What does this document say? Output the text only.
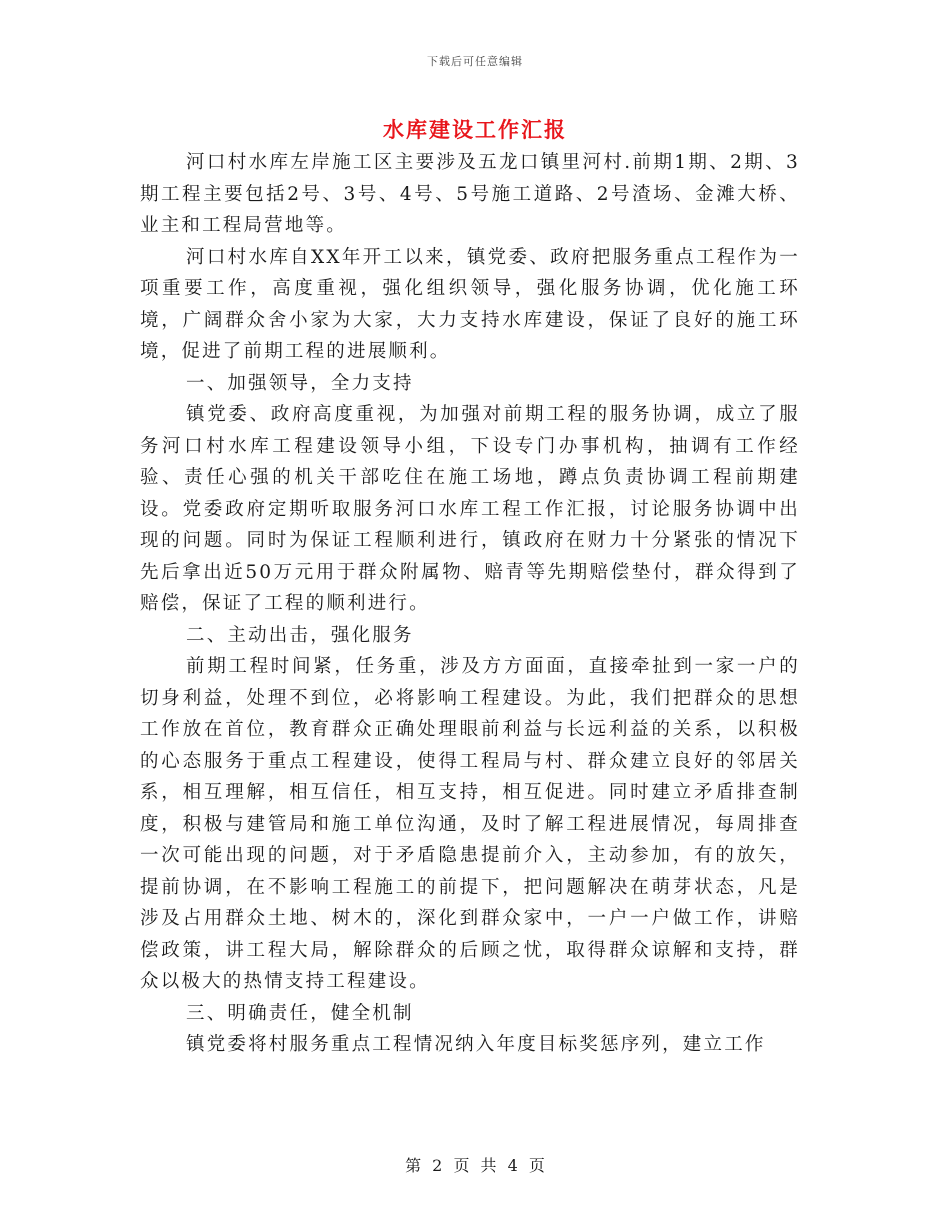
下载后可任意编辑
水库建设工作汇报

河口村水库左岸施工区主要涉及五龙口镇里河村.前期1期、2期、3期工程主要包括2号、3号、4号、5号施工道路、2号渣场、金滩大桥、业主和工程局营地等。

河口村水库自XX年开工以来，镇党委、政府把服务重点工程作为一项重要工作，高度重视，强化组织领导，强化服务协调，优化施工环境，广阔群众舍小家为大家，大力支持水库建设，保证了良好的施工环境，促进了前期工程的进展顺利。

一、加强领导，全力支持

镇党委、政府高度重视，为加强对前期工程的服务协调，成立了服务河口村水库工程建设领导小组，下设专门办事机构，抽调有工作经验、责任心强的机关干部吃住在施工场地，蹲点负责协调工程前期建设。党委政府定期听取服务河口水库工程工作汇报，讨论服务协调中出现的问题。同时为保证工程顺利进行，镇政府在财力十分紧张的情况下先后拿出近50万元用于群众附属物、赔青等先期赔偿垫付，群众得到了赔偿，保证了工程的顺利进行。

二、主动出击，强化服务

前期工程时间紧，任务重，涉及方方面面，直接牵扯到一家一户的切身利益，处理不到位，必将影响工程建设。为此，我们把群众的思想工作放在首位，教育群众正确处理眼前利益与长远利益的关系，以积极的心态服务于重点工程建设，使得工程局与村、群众建立良好的邻居关系，相互理解，相互信任，相互支持，相互促进。同时建立矛盾排查制度，积极与建管局和施工单位沟通，及时了解工程进展情况，每周排查一次可能出现的问题，对于矛盾隐患提前介入，主动参加，有的放矢，提前协调，在不影响工程施工的前提下，把问题解决在萌芽状态，凡是涉及占用群众土地、树木的，深化到群众家中，一户一户做工作，讲赔偿政策，讲工程大局，解除群众的后顾之忧，取得群众谅解和支持，群众以极大的热情支持工程建设。

三、明确责任，健全机制

镇党委将村服务重点工程情况纳入年度目标奖惩序列，建立工作

第 2 页 共 4 页
